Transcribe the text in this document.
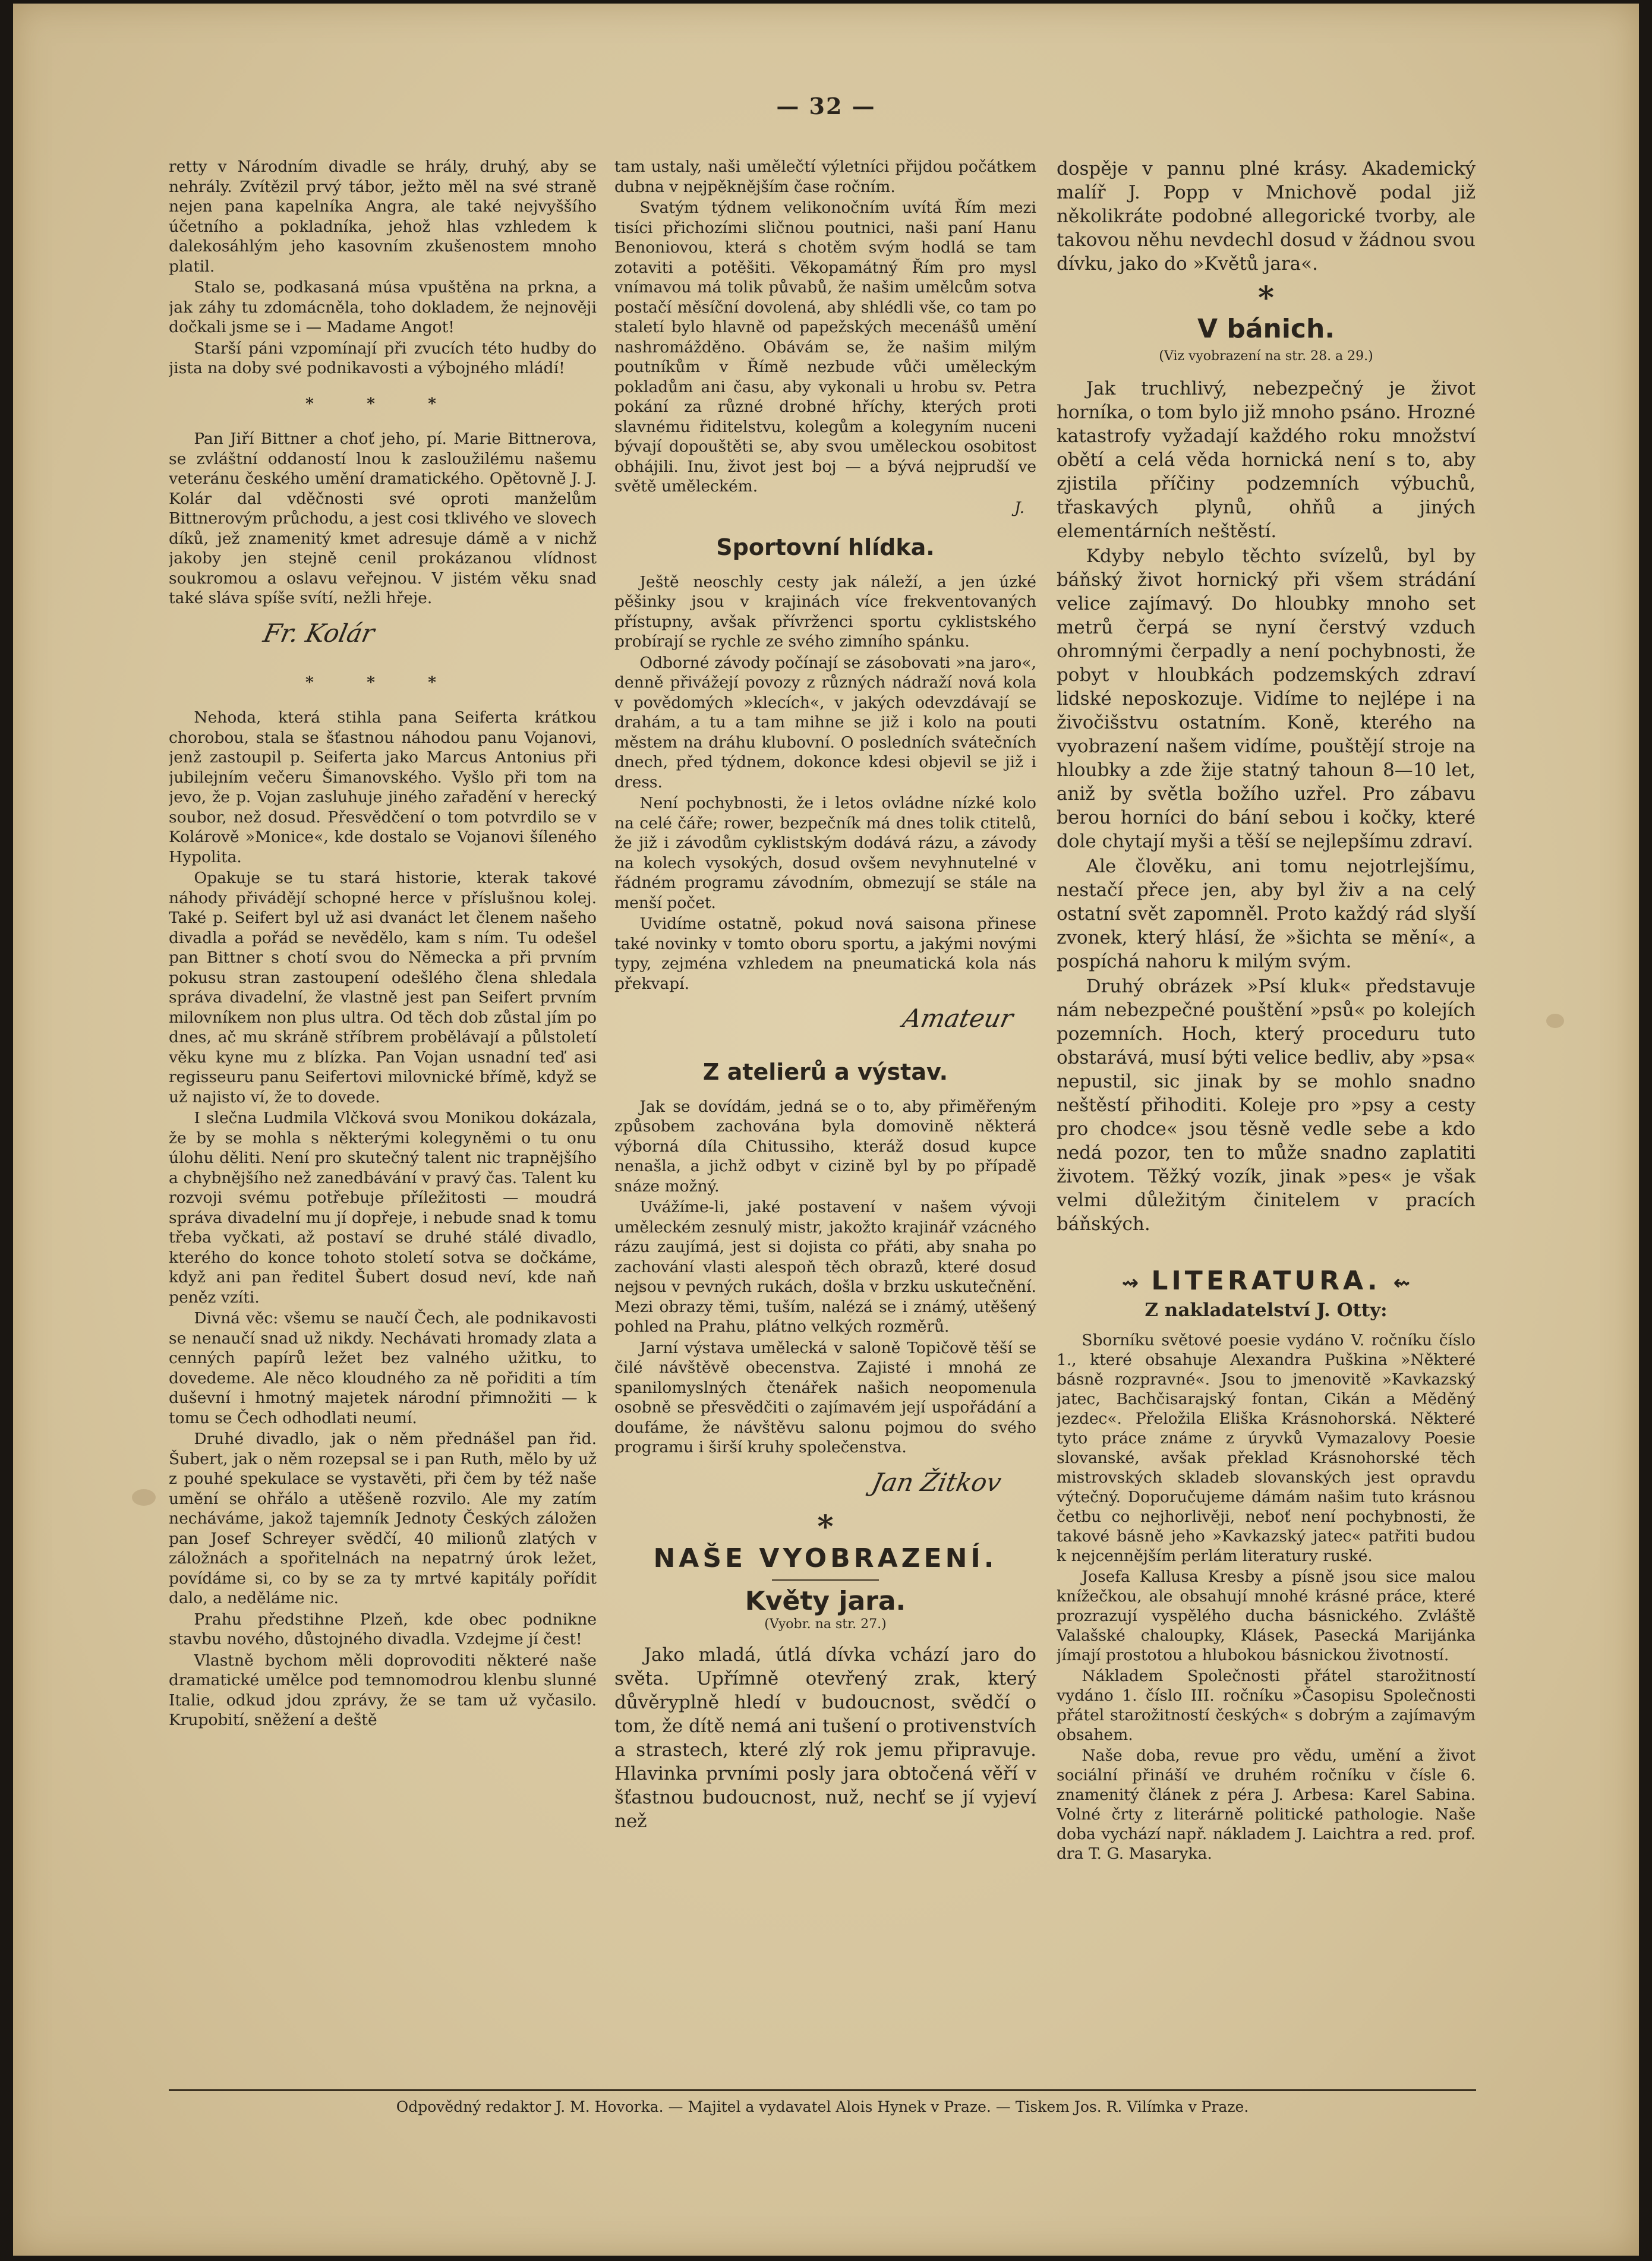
— 32 —

retty v Národním divadle se hrály, druhý, aby se nehrály. Zvítězil prvý tábor, ježto měl na své straně nejen pana kapelníka Angra, ale také nejvyššího účetního a pokladníka, jehož hlas vzhledem k dalekosáhlým jeho kasovním zkušenostem mnoho platil.

Stalo se, podkasaná músa vpuštěna na prkna, a jak záhy tu zdomácněla, toho dokladem, že nejnověji dočkali jsme se i — Madame Angot!

Starší páni vzpomínají při zvucích této hudby do jista na doby své podnikavosti a výbojného mládí!

* * *

Pan Jiří Bittner a choť jeho, pí. Marie Bittnerova, se zvláštní oddaností lnou k zasloužilému našemu veteránu českého umění dramatického. Opětovně J. J. Kolár dal vděčnosti své oproti manželům Bittnerovým průchodu, a jest cosi tklivého ve slovech díků, jež znamenitý kmet adresuje dámě a v nichž jakoby jen stejně cenil prokázanou vlídnost soukromou a oslavu veřejnou. V jistém věku snad také sláva spíše svítí, nežli hřeje.

Fr. Kolár
* * *

Nehoda, která stihla pana Seiferta krátkou chorobou, stala se šťastnou náhodou panu Vojanovi, jenž zastoupil p. Seiferta jako Marcus Antonius při jubilejním večeru Šimanovského. Vyšlo při tom na jevo, že p. Vojan zasluhuje jiného zařadění v herecký soubor, než dosud. Přesvědčení o tom potvrdilo se v Kolárově »Monice«, kde dostalo se Vojanovi šíleného Hypolita.

Opakuje se tu stará historie, kterak takové náhody přivádějí schopné herce v příslušnou kolej. Také p. Seifert byl už asi dvanáct let členem našeho divadla a pořád se nevědělo, kam s ním. Tu odešel pan Bittner s chotí svou do Německa a při prvním pokusu stran zastoupení odešlého člena shledala správa divadelní, že vlastně jest pan Seifert prvním milovníkem non plus ultra. Od těch dob zůstal jím po dnes, ač mu skráně stříbrem probělávají a půlstoletí věku kyne mu z blízka. Pan Vojan usnadní teď asi regisseuru panu Seifertovi milovnické břímě, když se už najisto ví, že to dovede.

I slečna Ludmila Vlčková svou Monikou dokázala, že by se mohla s některými kolegyněmi o tu onu úlohu děliti. Není pro skutečný talent nic trapnějšího a chybnějšího než zanedbávání v pravý čas. Talent ku rozvoji svému potřebuje příležitosti — moudrá správa divadelní mu jí dopřeje, i nebude snad k tomu třeba vyčkati, až postaví se druhé stálé divadlo, kterého do konce tohoto století sotva se dočkáme, když ani pan ředitel Šubert dosud neví, kde naň peněz vzíti.

Divná věc: všemu se naučí Čech, ale podnikavosti se nenaučí snad už nikdy. Nechávati hromady zlata a cenných papírů ležet bez valného užitku, to dovedeme. Ale něco kloudného za ně pořiditi a tím duševní i hmotný majetek národní přimnožiti — k tomu se Čech odhodlati neumí.

Druhé divadlo, jak o něm přednášel pan řid. Šubert, jak o něm rozepsal se i pan Ruth, mělo by už z pouhé spekulace se vystavěti, při čem by též naše umění se ohřálo a utěšeně rozvilo. Ale my zatím necháváme, jakož tajemník Jednoty Českých záložen pan Josef Schreyer svědčí, 40 milionů zlatých v záložnách a spořitelnách na nepatrný úrok ležet, povídáme si, co by se za ty mrtvé kapitály pořídit dalo, a neděláme nic.

Prahu předstihne Plzeň, kde obec podnikne stavbu nového, důstojného divadla. Vzdejme jí čest!

Vlastně bychom měli doprovoditi některé naše dramatické umělce pod temnomodrou klenbu slunné Italie, odkud jdou zprávy, že se tam už vyčasilo. Krupobití, sněžení a deště

tam ustaly, naši umělečtí výletníci přijdou počátkem dubna v nejpěknějším čase ročním.

Svatým týdnem velikonočním uvítá Řím mezi tisíci přichozími sličnou poutnici, naši paní Hanu Benoniovou, která s chotěm svým hodlá se tam zotaviti a potěšiti. Věkopamátný Řím pro mysl vnímavou má tolik půvabů, že našim umělcům sotva postačí měsíční dovolená, aby shlédli vše, co tam po staletí bylo hlavně od papežských mecenášů umění nashromážděno. Obávám se, že našim milým poutníkům v Římě nezbude vůči uměleckým pokladům ani času, aby vykonali u hrobu sv. Petra pokání za různé drobné hříchy, kterých proti slavnému řiditelstvu, kolegům a kolegyním nuceni bývají dopouštěti se, aby svou uměleckou osobitost obhájili. Inu, život jest boj — a bývá nejprudší ve světě uměleckém.

J.
Sportovní hlídka.

Ještě neoschly cesty jak náleží, a jen úzké pěšinky jsou v krajinách více frekventovaných přístupny, avšak přívrženci sportu cyklistského probírají se rychle ze svého zimního spánku.

Odborné závody počínají se zásobovati »na jaro«, denně přivážejí povozy z různých nádraží nová kola v povědomých »klecích«, v jakých odevzdávají se drahám, a tu a tam mihne se již i kolo na pouti městem na dráhu klubovní. O posledních svátečních dnech, před týdnem, dokonce kdesi objevil se již i dress.

Není pochybnosti, že i letos ovládne nízké kolo na celé čáře; rower, bezpečník má dnes tolik ctitelů, že již i závodům cyklistským dodává rázu, a závody na kolech vysokých, dosud ovšem nevyhnutelné v řádném programu závodním, obmezují se stále na menší počet.

Uvidíme ostatně, pokud nová saisona přinese také novinky v tomto oboru sportu, a jakými novými typy, zejména vzhledem na pneumatická kola nás překvapí.

Amateur
Z atelierů a výstav.

Jak se dovídám, jedná se o to, aby přiměřeným způsobem zachována byla domovině některá výborná díla Chitussiho, kteráž dosud kupce nenašla, a jichž odbyt v cizině byl by po případě snáze možný.

Uvážíme-li, jaké postavení v našem vývoji uměleckém zesnulý mistr, jakožto krajinář vzácného rázu zaujímá, jest si dojista co přáti, aby snaha po zachování vlasti alespoň těch obrazů, které dosud nejsou v pevných rukách, došla v brzku uskutečnění. Mezi obrazy těmi, tuším, nalézá se i známý, utěšený pohled na Prahu, plátno velkých rozměrů.

Jarní výstava umělecká v saloně Topičově těší se čilé návštěvě obecenstva. Zajisté i mnohá ze spanilomyslných čtenářek našich neopomenula osobně se přesvědčiti o zajímavém její uspořádání a doufáme, že návštěvu salonu pojmou do svého programu i širší kruhy společenstva.

Jan Žitkov
*
NAŠE VYOBRAZENÍ.
Květy jara.
(Vyobr. na str. 27.)

Jako mladá, útlá dívka vchází jaro do světa. Upřímně otevřený zrak, který důvěryplně hledí v budoucnost, svědčí o tom, že dítě nemá ani tušení o protivenstvích a strastech, které zlý rok jemu připravuje. Hlavinka prvními posly jara obtočená věří v šťastnou budoucnost, nuž, nechť se jí vyjeví než

dospěje v pannu plné krásy. Akademický malíř J. Popp v Mnichově podal již několikráte podobné allegorické tvorby, ale takovou něhu nevdechl dosud v žádnou svou dívku, jako do »Květů jara«.

*
V bánich.
(Viz vyobrazení na str. 28. a 29.)

Jak truchlivý, nebezpečný je život horníka, o tom bylo již mnoho psáno. Hrozné katastrofy vyžadají každého roku množství obětí a celá věda hornická není s to, aby zjistila příčiny podzemních výbuchů, třaskavých plynů, ohňů a jiných elementárních neštěstí.

Kdyby nebylo těchto svízelů, byl by báňský život hornický při všem strádání velice zajímavý. Do hloubky mnoho set metrů čerpá se nyní čerstvý vzduch ohromnými čerpadly a není pochybnosti, že pobyt v hloubkách podzemských zdraví lidské neposkozuje. Vidíme to nejlépe i na živočišstvu ostatním. Koně, kterého na vyobrazení našem vidíme, pouštějí stroje na hloubky a zde žije statný tahoun 8—10 let, aniž by světla božího uzřel. Pro zábavu berou horníci do bání sebou i kočky, které dole chytají myši a těší se nejlepšímu zdraví.

Ale člověku, ani tomu nejotrlejšímu, nestačí přece jen, aby byl živ a na celý ostatní svět zapomněl. Proto každý rád slyší zvonek, který hlásí, že »šichta se mění«, a pospíchá nahoru k milým svým.

Druhý obrázek »Psí kluk« představuje nám nebezpečné pouštění »psů« po kolejích pozemních. Hoch, který proceduru tuto obstarává, musí býti velice bedliv, aby »psa« nepustil, sic jinak by se mohlo snadno neštěstí přihoditi. Koleje pro »psy a cesty pro chodce« jsou těsně vedle sebe a kdo nedá pozor, ten to může snadno zaplatiti životem. Těžký vozík, jinak »pes« je však velmi důležitým činitelem v pracích báňských.

⇝ LITERATURA. ⇜
Z nakladatelství J. Otty:

Sborníku světové poesie vydáno V. ročníku číslo 1., které obsahuje Alexandra Puškina »Některé básně rozpravné«. Jsou to jmenovitě »Kavkazský jatec, Bachčisarajský fontan, Cikán a Měděný jezdec«. Přeložila Eliška Krásnohorská. Některé tyto práce známe z úryvků Vymazalovy Poesie slovanské, avšak překlad Krásnohorské těch mistrovských skladeb slovanských jest opravdu výtečný. Doporučujeme dámám našim tuto krásnou četbu co nejhorlivěji, neboť není pochybnosti, že takové básně jeho »Kavkazský jatec« patřiti budou k nejcennějším perlám literatury ruské.

Josefa Kallusa Kresby a písně jsou sice malou knížečkou, ale obsahují mnohé krásné práce, které prozrazují vyspělého ducha básnického. Zvláště Valašské chaloupky, Klásek, Pasecká Marijánka jímají prostotou a hlubokou básnickou životností.

Nákladem Společnosti přátel starožitností vydáno 1. číslo III. ročníku »Časopisu Společnosti přátel starožitností českých« s dobrým a zajímavým obsahem.

Naše doba, revue pro vědu, umění a život sociální přináší ve druhém ročníku v čísle 6. znamenitý článek z péra J. Arbesa: Karel Sabina. Volné črty z literárně politické pathologie. Naše doba vychází např. nákladem J. Laichtra a red. prof. dra T. G. Masaryka.

Odpovědný redaktor J. M. Hovorka. — Majitel a vydavatel Alois Hynek v Praze. — Tiskem Jos. R. Vilímka v Praze.
